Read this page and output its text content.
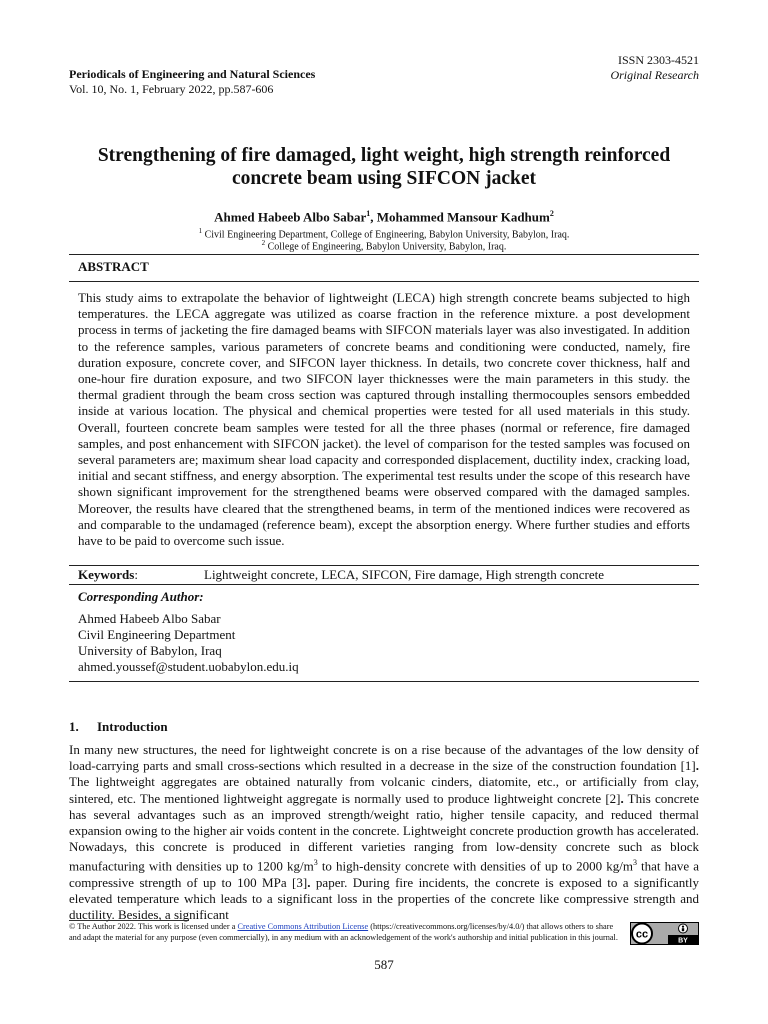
ISSN 2303-4521
Original Research
Periodicals of Engineering and Natural Sciences
Vol. 10, No. 1, February 2022, pp.587-606
Strengthening of fire damaged, light weight, high strength reinforced concrete beam using SIFCON jacket
Ahmed Habeeb Albo Sabar$^1$, Mohammed Mansour Kadhum$^2$
$^1$ Civil Engineering Department, College of Engineering, Babylon University, Babylon, Iraq.
$^2$ College of Engineering, Babylon University, Babylon, Iraq.
ABSTRACT
This study aims to extrapolate the behavior of lightweight (LECA) high strength concrete beams subjected to high temperatures. the LECA aggregate was utilized as coarse fraction in the reference mixture. a post development process in terms of jacketing the fire damaged beams with SIFCON materials layer was also investigated. In addition to the reference samples, various parameters of concrete beams and conditioning were conducted, namely, fire duration exposure, concrete cover, and SIFCON layer thickness. In details, two concrete cover thickness, half and one-hour fire duration exposure, and two SIFCON layer thicknesses were the main parameters in this study. the thermal gradient through the beam cross section was captured through installing thermocouples sensors embedded inside at various location. The physical and chemical properties were tested for all used materials in this study. Overall, fourteen concrete beam samples were tested for all the three phases (normal or reference, fire damaged samples, and post enhancement with SIFCON jacket). the level of comparison for the tested samples was focused on several parameters are; maximum shear load capacity and corresponded displacement, ductility index, cracking load, initial and secant stiffness, and energy absorption. The experimental test results under the scope of this research have shown significant improvement for the strengthened beams were observed compared with the damaged samples. Moreover, the results have cleared that the strengthened beams, in term of the mentioned indices were recovered as and comparable to the undamaged (reference beam), except the absorption energy. Where further studies and efforts have to be paid to overcome such issue.
Keywords:	Lightweight concrete, LECA, SIFCON, Fire damage, High strength concrete
Corresponding Author:
Ahmed Habeeb Albo Sabar
Civil Engineering Department
University of Babylon, Iraq
ahmed.youssef@student.uobabylon.edu.iq
1. Introduction
In many new structures, the need for lightweight concrete is on a rise because of the advantages of the low density of load-carrying parts and small cross-sections which resulted in a decrease in the size of the construction foundation [1]. The lightweight aggregates are obtained naturally from volcanic cinders, diatomite, etc., or artificially from clay, sintered, etc. The mentioned lightweight aggregate is normally used to produce lightweight concrete [2]. This concrete has several advantages such as an improved strength/weight ratio, higher tensile capacity, and reduced thermal expansion owing to the higher air voids content in the concrete. Lightweight concrete production growth has accelerated. Nowadays, this concrete is produced in different varieties ranging from low-density concrete such as block manufacturing with densities up to 1200 $kg/m^3$ to high-density concrete with densities of up to 2000 $kg/m^3$ that have a compressive strength of up to 100 MPa [3]. paper. During fire incidents, the concrete is exposed to a significantly elevated temperature which leads to a significant loss in the properties of the concrete like compressive strength and ductility. Besides, a significant
© The Author 2022. This work is licensed under a Creative Commons Attribution License (https://creativecommons.org/licenses/by/4.0/) that allows others to share and adapt the material for any purpose (even commercially), in any medium with an acknowledgement of the work's authorship and initial publication in this journal. cc
BY
587
